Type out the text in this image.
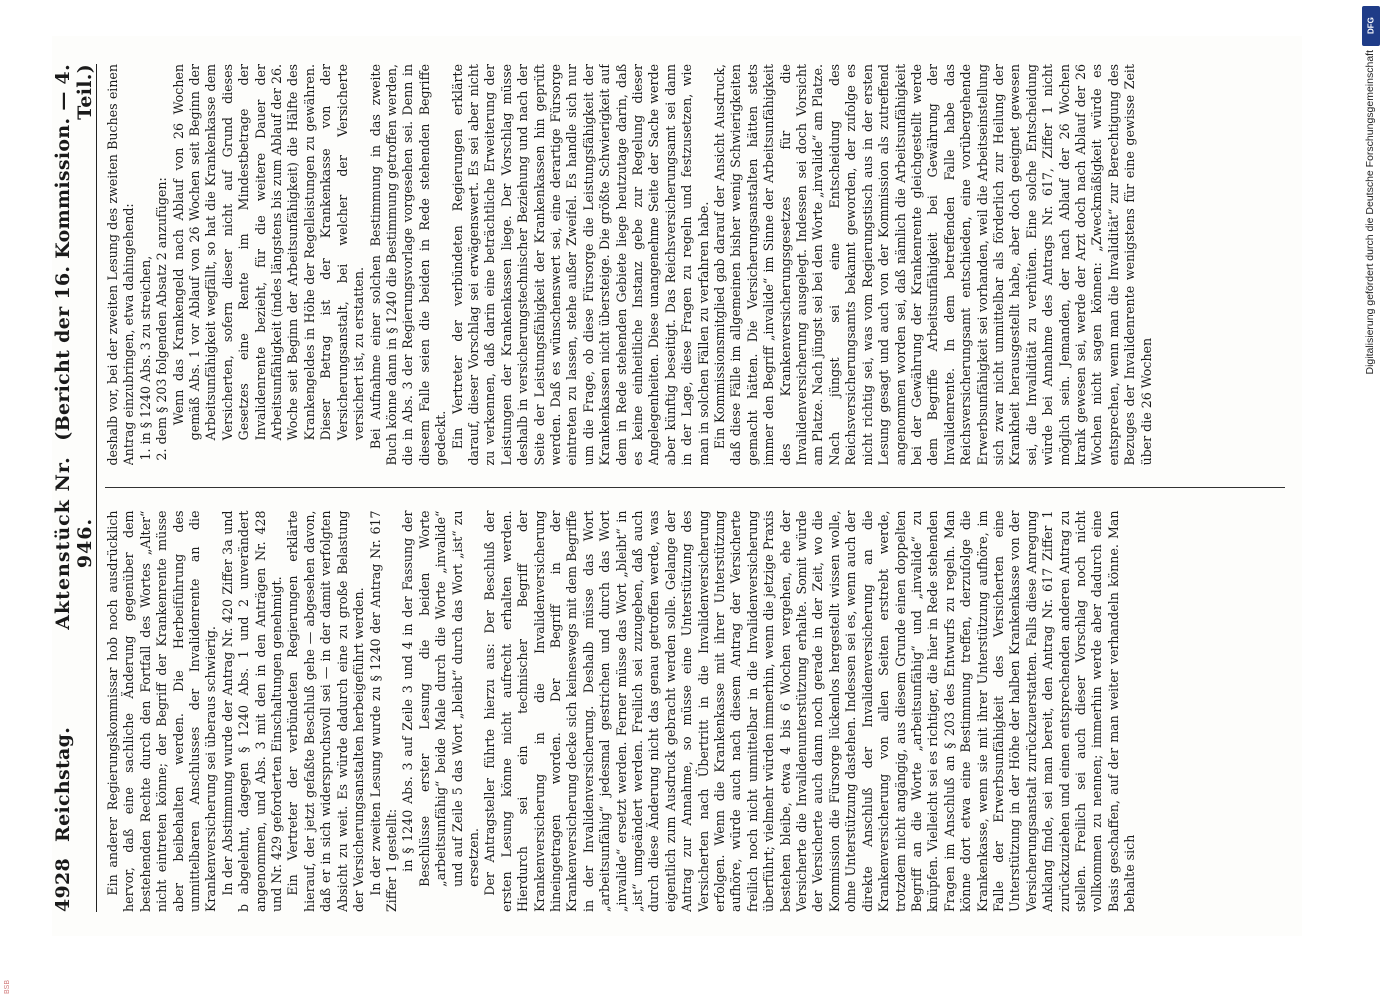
4928
Reichstag.
Aktenstück Nr. 946.
(Bericht der 16. Kommission. — 4. Teil.)

Ein anderer Regierungskommissar hob noch ausdrücklich hervor, daß eine sachliche Änderung gegenüber dem bestehenden Rechte durch den Fortfall des Wortes „Alter“ nicht eintreten könne; der Begriff der Krankenrente müsse aber beibehalten werden. Die Herbeiführung des unmittelbaren Anschlusses der Invalidenrente an die Krankenversicherung sei überaus schwierig. In der Abstimmung wurde der Antrag Nr. 420 Ziffer 3a und b abgelehnt, dagegen § 1240 Abs. 1 und 2 unverändert angenommen, und Abs. 3 mit den in den Anträgen Nr. 428 und Nr. 429 geforderten Einschaltungen genehmigt. Ein Vertreter der verbündeten Regierungen erklärte hierauf, der jetzt gefaßte Beschluß gehe — abgesehen davon, daß er in sich widerspruchsvoll sei — in der damit verfolgten Absicht zu weit. Es würde dadurch eine zu große Belastung der Versicherungsanstalten herbeigeführt werden. In der zweiten Lesung wurde zu § 1240 der Antrag Nr. 617 Ziffer 1 gestellt: in § 1240 Abs. 3 auf Zeile 3 und 4 in der Fassung der Beschlüsse erster Lesung die beiden Worte „arbeitsunfähig“ beide Male durch die Worte „invalide“ und auf Zeile 5 das Wort „bleibt“ durch das Wort „ist“ zu ersetzen. Der Antragsteller führte hierzu aus: Der Beschluß der ersten Lesung könne nicht aufrecht erhalten werden. Hierdurch sei ein technischer Begriff der Krankenversicherung in die Invalidenversicherung hineingetragen worden. Der Begriff in der Krankenversicherung decke sich keineswegs mit dem Begriffe in der Invalidenversicherung. Deshalb müsse das Wort „arbeitsunfähig“ jedesmal gestrichen und durch das Wort „invalide“ ersetzt werden. Ferner müsse das Wort „bleibt“ in „ist“ umgeändert werden. Freilich sei zuzugeben, daß auch durch diese Änderung nicht das genau getroffen werde, was eigentlich zum Ausdruck gebracht werden solle. Gelange der Antrag zur Annahme, so müsse eine Unterstützung des Versicherten nach Übertritt in die Invalidenversicherung erfolgen. Wenn die Krankenkasse mit ihrer Unterstützung aufhöre, würde auch nach diesem Antrag der Versicherte freilich noch nicht unmittelbar in die Invalidenversicherung überführt; vielmehr würden immerhin, wenn die jetzige Praxis bestehen bleibe, etwa 4 bis 6 Wochen vergehen, ehe der Versicherte die Invalidenunterstützung erhalte. Somit würde der Versicherte auch dann noch gerade in der Zeit, wo die Kommission die Fürsorge lückenlos hergestellt wissen wolle, ohne Unterstützung dastehen. Indessen sei es, wenn auch der direkte Anschluß der Invalidenversicherung an die Krankenversicherung von allen Seiten erstrebt werde, trotzdem nicht angängig, aus diesem Grunde einen doppelten Begriff an die Worte „arbeitsunfähig“ und „invalide“ zu knüpfen. Vielleicht sei es richtiger, die hier in Rede stehenden Fragen im Anschluß an § 203 des Entwurfs zu regeln. Man könne dort etwa eine Bestimmung treffen, derzufolge die Krankenkasse, wenn sie mit ihrer Unterstützung aufhöre, im Falle der Erwerbsunfähigkeit des Versicherten eine Unterstützung in der Höhe der halben Krankenkasse von der Versicherungsanstalt zurückzuerstatten. Falls diese Anregung Anklang finde, sei man bereit, den Antrag Nr. 617 Ziffer 1 zurückzuziehen und einen entsprechenden anderen Antrag zu stellen. Freilich sei auch dieser Vorschlag noch nicht vollkommen zu nennen; immerhin werde aber dadurch eine Basis geschaffen, auf der man weiter verhandeln könne. Man behalte sich

deshalb vor, bei der zweiten Lesung des zweiten Buches einen Antrag einzubringen, etwa dahingehend: 1. in § 1240 Abs. 3 zu streichen, 2. dem § 203 folgenden Absatz 2 anzufügen: Wenn das Krankengeld nach Ablauf von 26 Wochen gemäß Abs. 1 vor Ablauf von 26 Wochen seit Beginn der Arbeitsunfähigkeit wegfällt, so hat die Krankenkasse dem Versicherten, sofern dieser nicht auf Grund dieses Gesetzes eine Rente im Mindestbetrage der Invalidenrente bezieht, für die weitere Dauer der Arbeitsunfähigkeit (indes längstens bis zum Ablauf der 26. Woche seit Beginn der Arbeitsunfähigkeit) die Hälfte des Krankengeldes in Höhe der Regelleistungen zu gewähren. Dieser Betrag ist der Krankenkasse von der Versicherungsanstalt, bei welcher der Versicherte versichert ist, zu erstatten. Bei Aufnahme einer solchen Bestimmung in das zweite Buch könne dann in § 1240 die Bestimmung getroffen werden, die in Abs. 3 der Regierungsvorlage vorgesehen sei. Denn in diesem Falle seien die beiden in Rede stehenden Begriffe gedeckt. Ein Vertreter der verbündeten Regierungen erklärte darauf, dieser Vorschlag sei erwägenswert. Es sei aber nicht zu verkennen, daß darin eine beträchtliche Erweiterung der Leistungen der Krankenkassen liege. Der Vorschlag müsse deshalb in versicherungstechnischer Beziehung und nach der Seite der Leistungsfähigkeit der Krankenkassen hin geprüft werden. Daß es wünschenswert sei, eine derartige Fürsorge eintreten zu lassen, stehe außer Zweifel. Es handle sich nur um die Frage, ob diese Fürsorge die Leistungsfähigkeit der Krankenkassen nicht übersteige. Die größte Schwierigkeit auf dem in Rede stehenden Gebiete liege heutzutage darin, daß es keine einheitliche Instanz gebe zur Regelung dieser Angelegenheiten. Diese unangenehme Seite der Sache werde aber künftig beseitigt. Das Reichsversicherungsamt sei dann in der Lage, diese Fragen zu regeln und festzusetzen, wie man in solchen Fällen zu verfahren habe. Ein Kommissionsmitglied gab darauf der Ansicht Ausdruck, daß diese Fälle im allgemeinen bisher wenig Schwierigkeiten gemacht hätten. Die Versicherungsanstalten hätten stets immer den Begriff „invalide“ im Sinne der Arbeitsunfähigkeit des Krankenversicherungsgesetzes für die Invalidenversicherung ausgelegt. Indessen sei doch Vorsicht am Platze. Nach jüngst sei bei den Worte „invalide“ am Platze. Nach jüngst sei eine Entscheidung des Reichsversicherungsamts bekannt geworden, der zufolge es nicht richtig sei, was vom Regierungstisch aus in der ersten Lesung gesagt und auch von der Kommission als zutreffend angenommen worden sei, daß nämlich die Arbeitsunfähigkeit bei der Gewährung der Krankenrente gleichgestellt werde dem Begriffe Arbeitsunfähigkeit bei Gewährung der Invalidenrente. In dem betreffenden Falle habe das Reichsversicherungsamt entschieden, eine vorübergehende Erwerbsunfähigkeit sei vorhanden, weil die Arbeitseinstellung sich zwar nicht unmittelbar als förderlich zur Heilung der Krankheit herausgestellt habe, aber doch geeignet gewesen sei, die Invalidität zu verhüten. Eine solche Entscheidung würde bei Annahme des Antrags Nr. 617, Ziffer 1 nicht möglich sein. Jemanden, der nach Ablauf der 26 Wochen krank gewesen sei, werde der Arzt doch nach Ablauf der 26 Wochen nicht sagen können: „Zweckmäßigkeit würde es entsprechen, wenn man die Invalidität“ zur Berechtigung des Bezuges der Invalidenrente wenigstens für eine gewisse Zeit über die 26 Wochen

DFG
Digitalisierung gefördert durch die Deutsche Forschungsgemeinschaft
BSB
